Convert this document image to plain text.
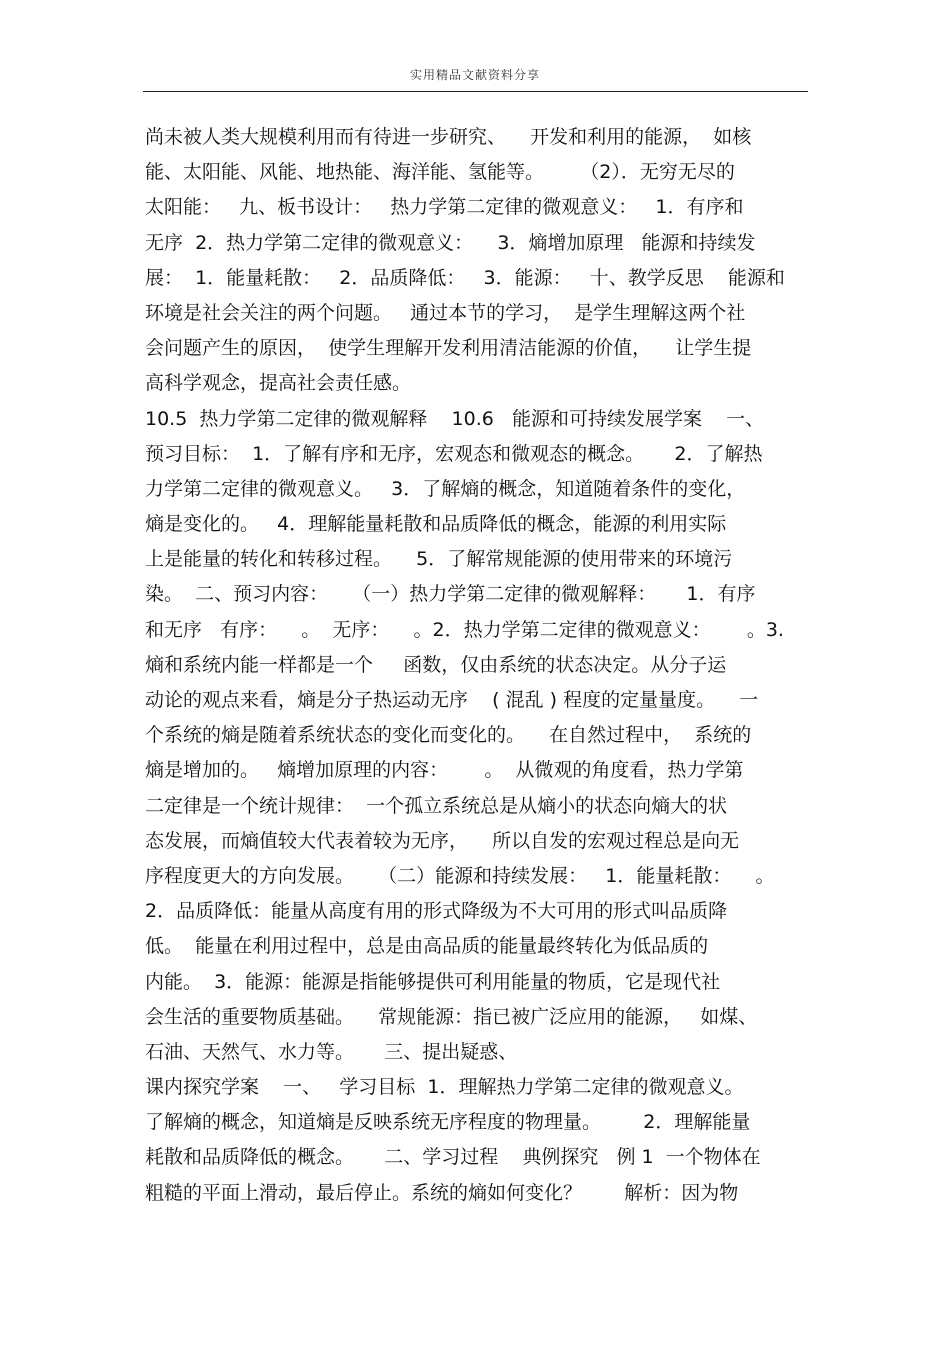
实用精品文献资料分享
尚未被人类大规模利用而有待进一步研究、    开发和利用的能源，  如核
能、太阳能、风能、地热能、海洋能、氢能等。      （2）．无穷无尽的
太阳能：   九、板书设计：   热力学第二定律的微观意义：   1．有序和
无序  2．热力学第二定律的微观意义：    3．熵增加原理   能源和持续发
展：  1．能量耗散：   2．品质降低：   3．能源：   十、教学反思    能源和
环境是社会关注的两个问题。   通过本节的学习，  是学生理解这两个社
会问题产生的原因，  使学生理解开发利用清洁能源的价值，    让学生提
高科学观念，提高社会责任感。
10.5  热力学第二定律的微观解释    10.6   能源和可持续发展学案    一、
预习目标：  1．了解有序和无序，宏观态和微观态的概念。     2．了解热
力学第二定律的微观意义。   3．了解熵的概念，知道随着条件的变化，
熵是变化的。   4．理解能量耗散和品质降低的概念，能源的利用实际
上是能量的转化和转移过程。    5．了解常规能源的使用带来的环境污
染。  二、预习内容：    （一）热力学第二定律的微观解释：     1．有序
和无序   有序：    。  无序：    。2．热力学第二定律的微观意义：      。3.
熵和系统内能一样都是一个     函数，仅由系统的状态决定。从分子运
动论的观点来看，熵是分子热运动无序    ( 混乱 ) 程度的定量量度。    一
个系统的熵是随着系统状态的变化而变化的。    在自然过程中，  系统的
熵是增加的。   熵增加原理的内容：      。  从微观的角度看，热力学第
二定律是一个统计规律：  一个孤立系统总是从熵小的状态向熵大的状
态发展，而熵值较大代表着较为无序，    所以自发的宏观过程总是向无
序程度更大的方向发展。    （二）能源和持续发展：   1．能量耗散：    。
2．品质降低：能量从高度有用的形式降级为不大可用的形式叫品质降
低。  能量在利用过程中，总是由高品质的能量最终转化为低品质的
内能。  3．能源：能源是指能够提供可利用能量的物质，它是现代社
会生活的重要物质基础。    常规能源：指已被广泛应用的能源，   如煤、
石油、天然气、水力等。     三、提出疑惑、
课内探究学案    一、   学习目标  1．理解热力学第二定律的微观意义。
了解熵的概念，知道熵是反映系统无序程度的物理量。       2．理解能量
耗散和品质降低的概念。     二、学习过程    典例探究   例 1  一个物体在
粗糙的平面上滑动，最后停止。系统的熵如何变化？       解析：因为物
